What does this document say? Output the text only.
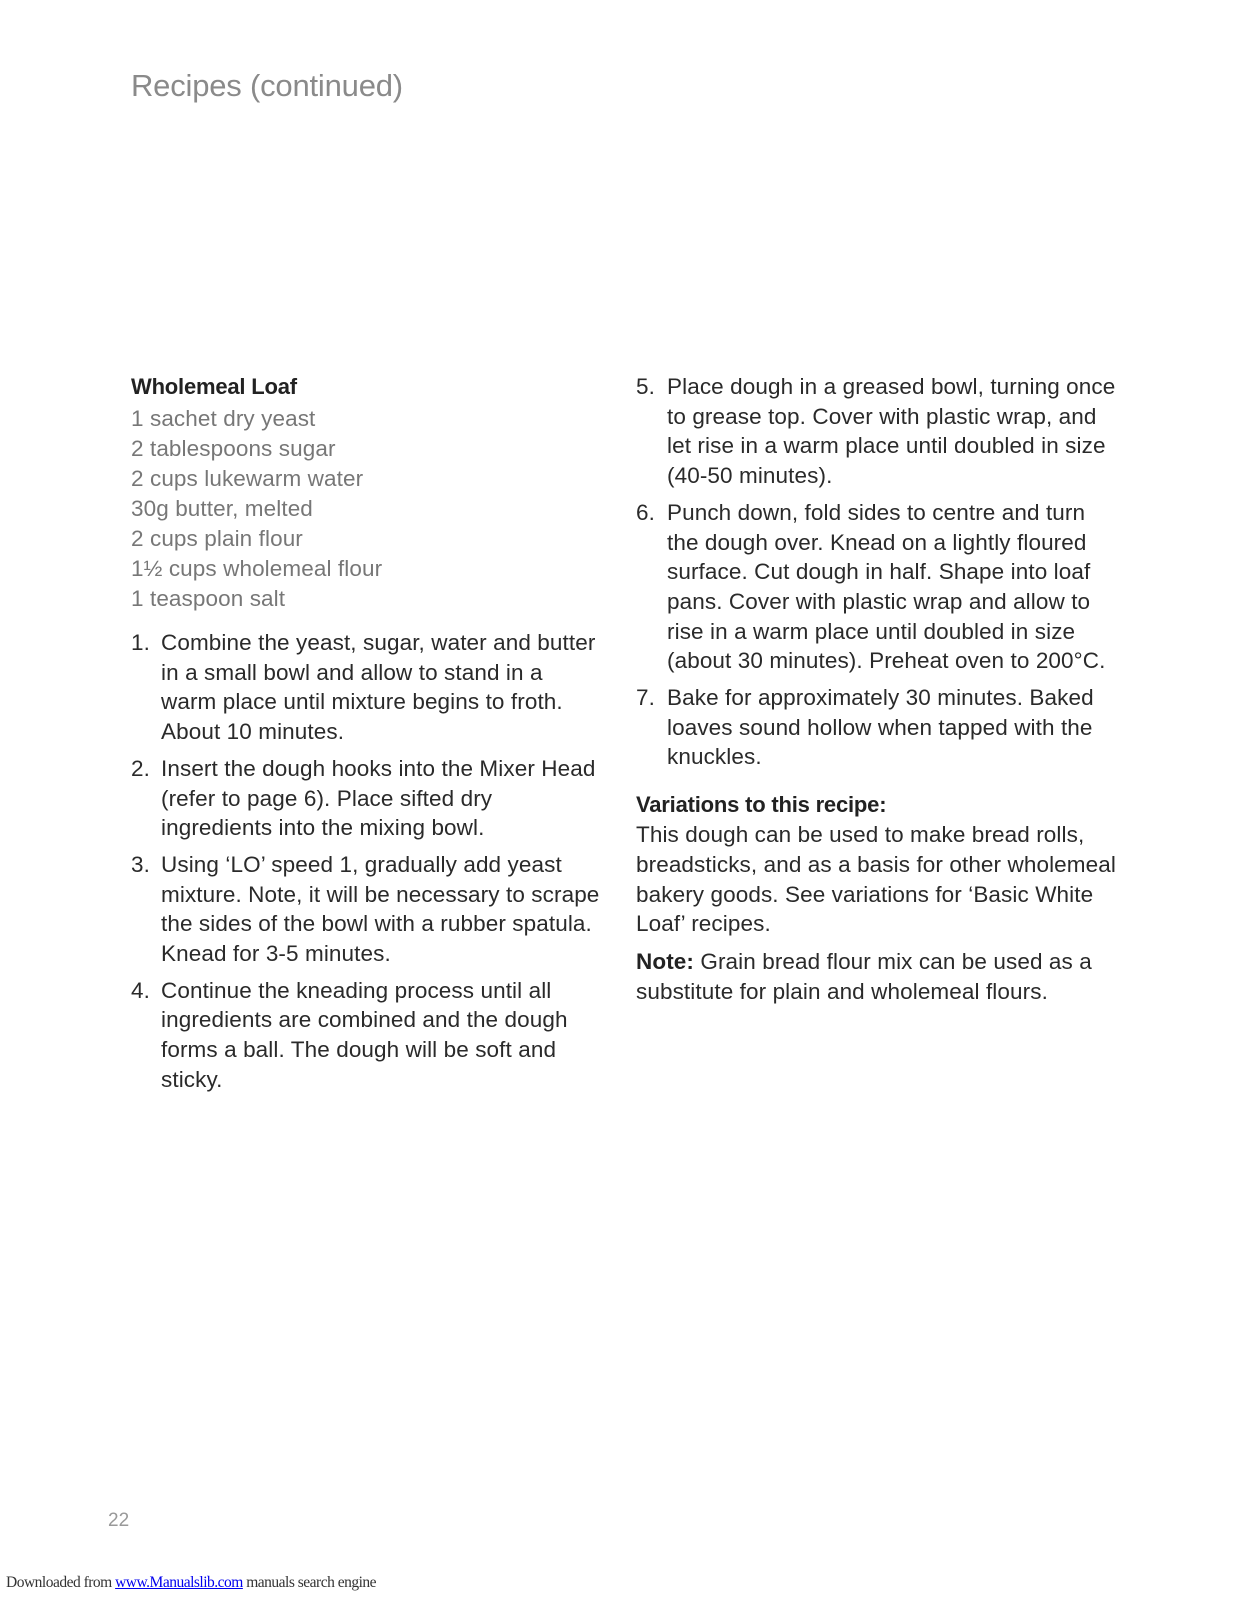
Recipes (continued)
Wholemeal Loaf
1 sachet dry yeast
2 tablespoons sugar
2 cups lukewarm water
30g butter, melted
2 cups plain flour
1½ cups wholemeal flour
1 teaspoon salt
1. Combine the yeast, sugar, water and butter in a small bowl and allow to stand in a warm place until mixture begins to froth. About 10 minutes.
2. Insert the dough hooks into the Mixer Head (refer to page 6). Place sifted dry ingredients into the mixing bowl.
3. Using ‘LO’ speed 1, gradually add yeast mixture. Note, it will be necessary to scrape the sides of the bowl with a rubber spatula. Knead for 3-5 minutes.
4. Continue the kneading process until all ingredients are combined and the dough forms a ball. The dough will be soft and sticky.
5. Place dough in a greased bowl, turning once to grease top. Cover with plastic wrap, and let rise in a warm place until doubled in size (40-50 minutes).
6. Punch down, fold sides to centre and turn the dough over. Knead on a lightly floured surface. Cut dough in half. Shape into loaf pans. Cover with plastic wrap and allow to rise in a warm place until doubled in size (about 30 minutes). Preheat oven to 200°C.
7. Bake for approximately 30 minutes. Baked loaves sound hollow when tapped with the knuckles.
Variations to this recipe:

This dough can be used to make bread rolls, breadsticks, and as a basis for other wholemeal bakery goods. See variations for ‘Basic White Loaf’ recipes.

Note: Grain bread flour mix can be used as a substitute for plain and wholemeal flours.

22
Downloaded from www.Manualslib.com manuals search engine
